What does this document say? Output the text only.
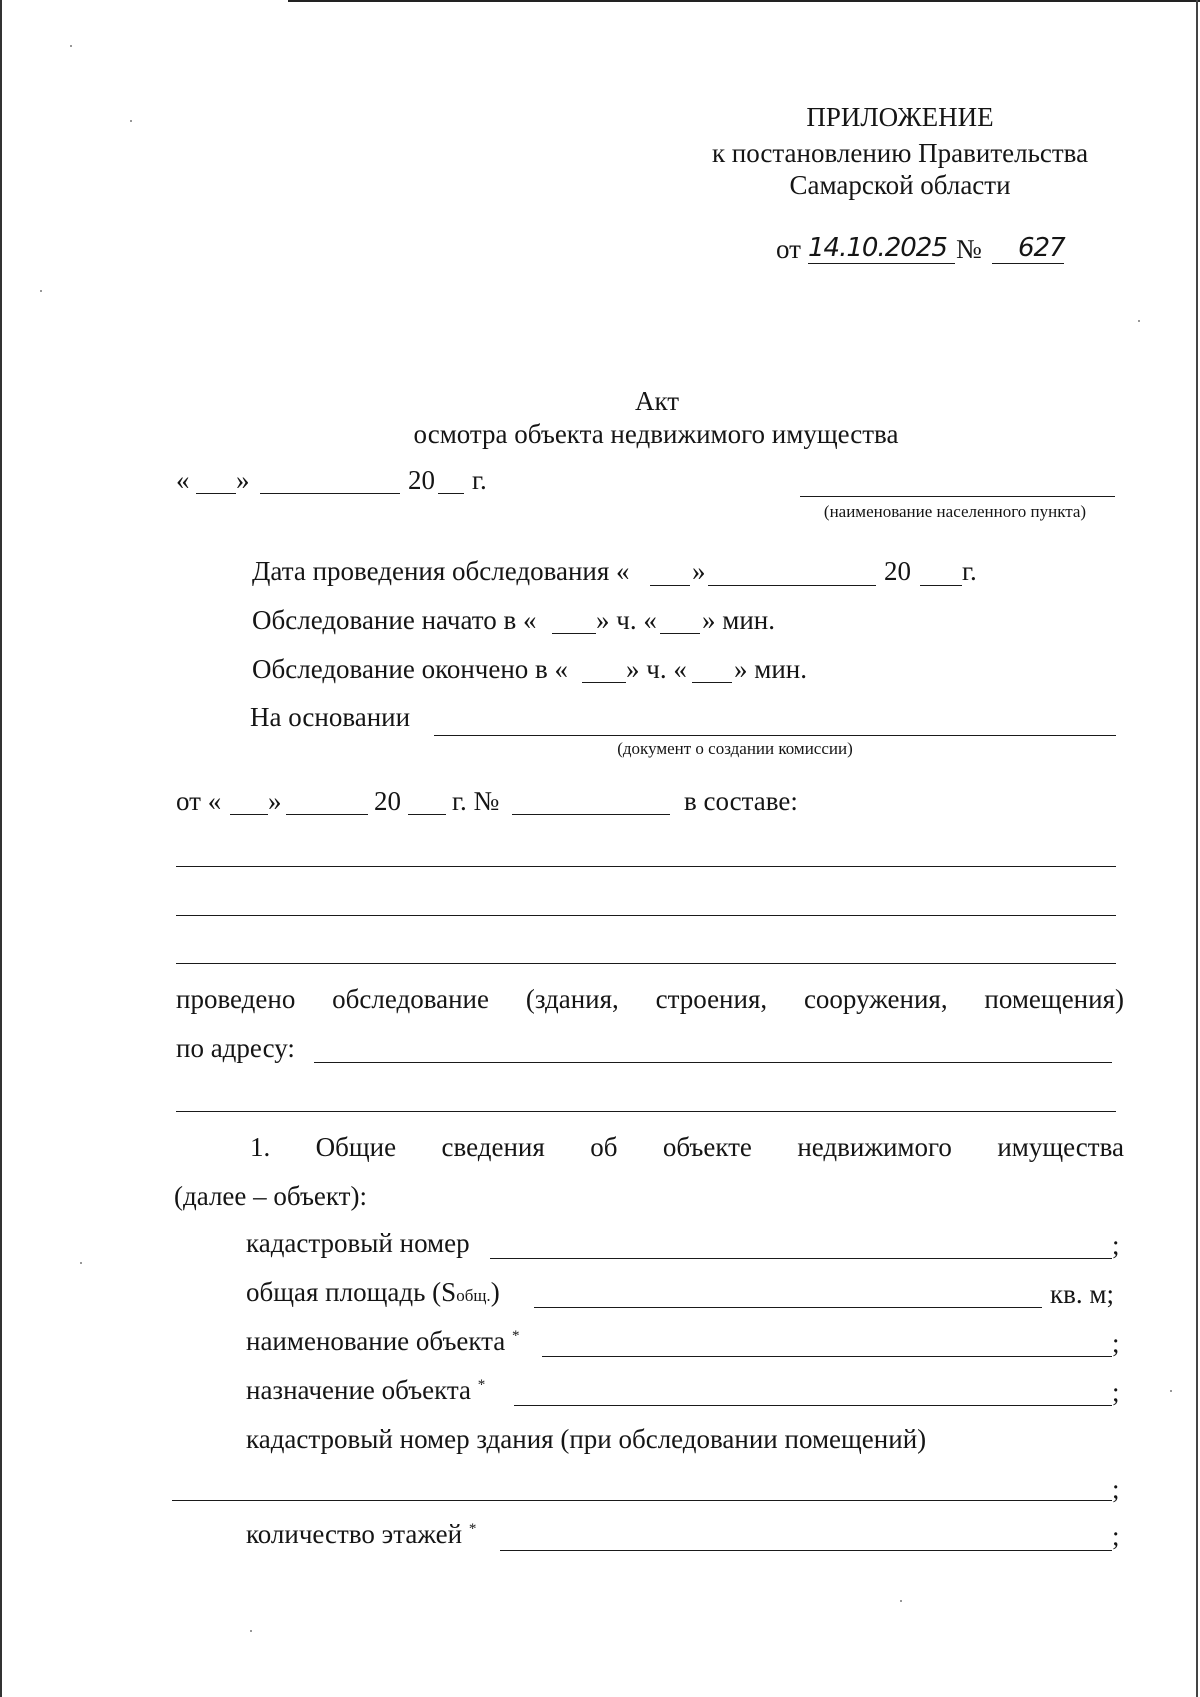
ПРИЛОЖЕНИЕ
к постановлению Правительства
Самарской области
от 14.10.2025 № 627
Акт
осмотра объекта недвижимого имущества
« »	20 г.
(наименование населенного пункта)
Дата проведения обследования « »	20 г.
Обследование начато в « » ч. « » мин.
Обследование окончено в « » ч. « » мин.
На основании
(документ о создании комиссии)
от « »	20 г. №	в составе:
проведено обследование (здания, строения, сооружения, помещения)
по адресу:
1. Общие сведения об объекте недвижимого имущества
(далее – объект):
кадастровый номер	;
общая площадь (Sобщ.)	кв. м;
наименование объекта *	;
назначение объекта *	;
кадастровый номер здания (при обследовании помещений)
;
количество этажей *	;
